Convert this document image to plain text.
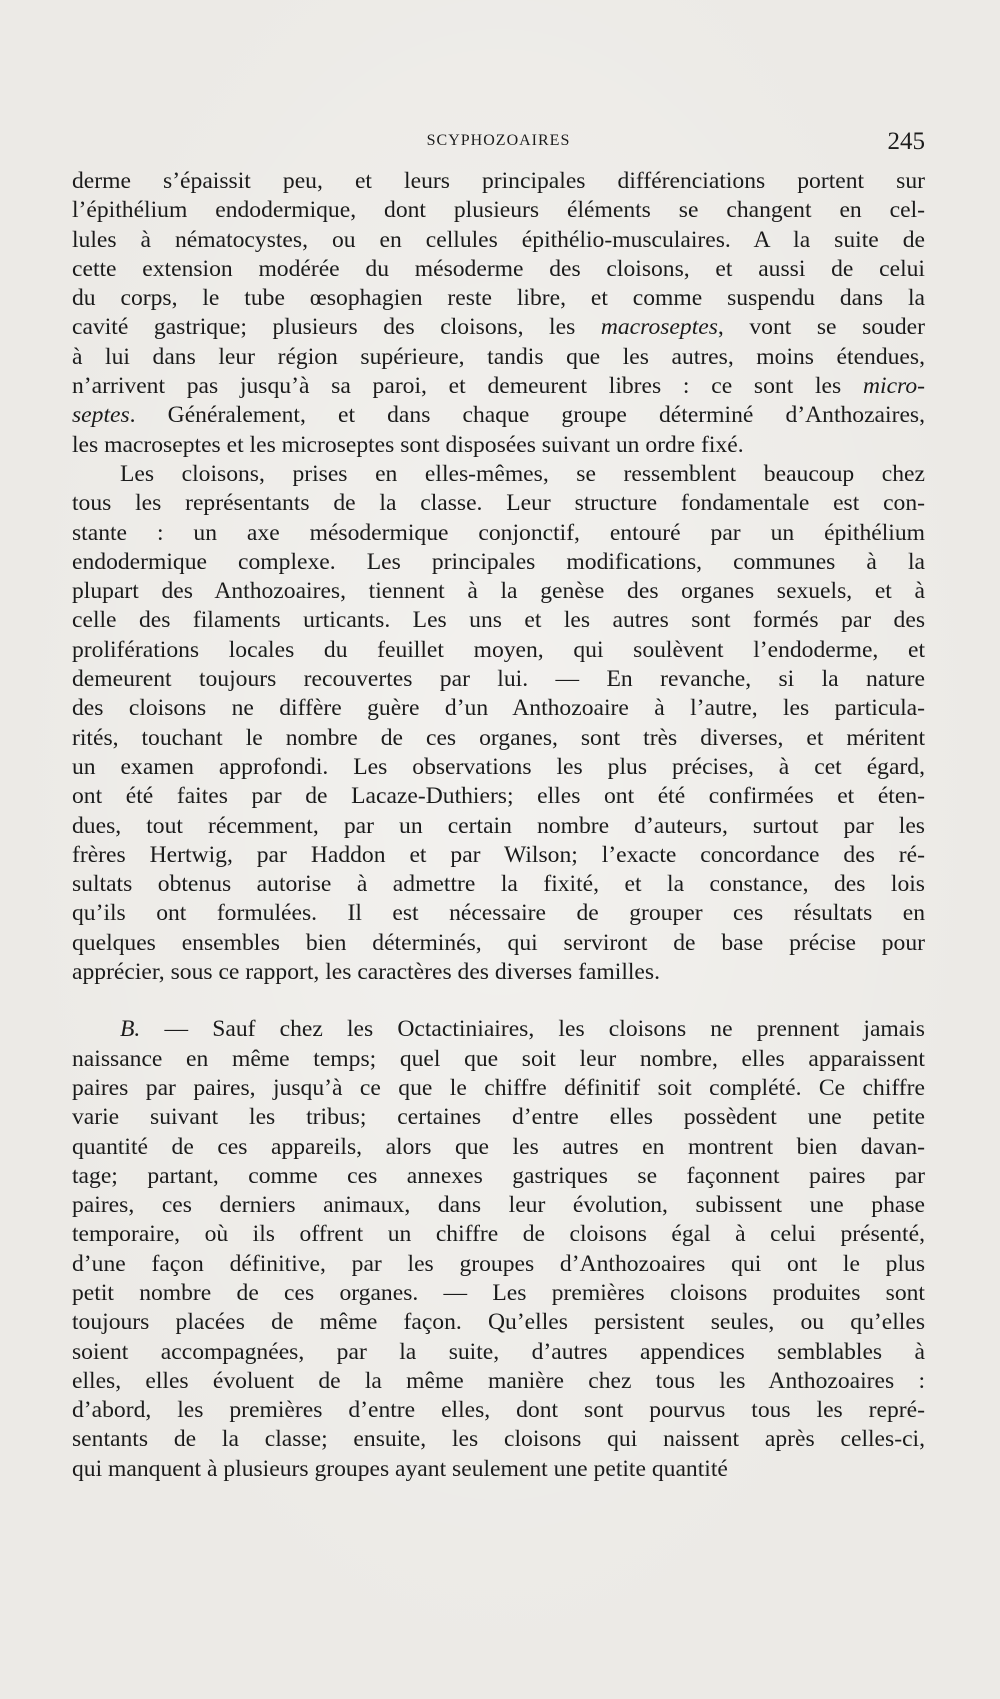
SCYPHOZOAIRES	245
derme s’épaissit peu, et leurs principales différenciations portent sur
l’épithélium endodermique, dont plusieurs éléments se changent en cel-
lules à nématocystes, ou en cellules épithélio-musculaires. A la suite de
cette extension modérée du mésoderme des cloisons, et aussi de celui
du corps, le tube œsophagien reste libre, et comme suspendu dans la
cavité gastrique; plusieurs des cloisons, les macroseptes, vont se souder
à lui dans leur région supérieure, tandis que les autres, moins étendues,
n’arrivent pas jusqu’à sa paroi, et demeurent libres : ce sont les micro-
septes. Généralement, et dans chaque groupe déterminé d’Anthozaires,
les macroseptes et les microseptes sont disposées suivant un ordre fixé.
Les cloisons, prises en elles-mêmes, se ressemblent beaucoup chez
tous les représentants de la classe. Leur structure fondamentale est con-
stante : un axe mésodermique conjonctif, entouré par un épithélium
endodermique complexe. Les principales modifications, communes à la
plupart des Anthozoaires, tiennent à la genèse des organes sexuels, et à
celle des filaments urticants. Les uns et les autres sont formés par des
proliférations locales du feuillet moyen, qui soulèvent l’endoderme, et
demeurent toujours recouvertes par lui. — En revanche, si la nature
des cloisons ne diffère guère d’un Anthozoaire à l’autre, les particula-
rités, touchant le nombre de ces organes, sont très diverses, et méritent
un examen approfondi. Les observations les plus précises, à cet égard,
ont été faites par de Lacaze-Duthiers; elles ont été confirmées et éten-
dues, tout récemment, par un certain nombre d’auteurs, surtout par les
frères Hertwig, par Haddon et par Wilson; l’exacte concordance des ré-
sultats obtenus autorise à admettre la fixité, et la constance, des lois
qu’ils ont formulées. Il est nécessaire de grouper ces résultats en
quelques ensembles bien déterminés, qui serviront de base précise pour
apprécier, sous ce rapport, les caractères des diverses familles.
B. — Sauf chez les Octactiniaires, les cloisons ne prennent jamais
naissance en même temps; quel que soit leur nombre, elles apparaissent
paires par paires, jusqu’à ce que le chiffre définitif soit complété. Ce chiffre
varie suivant les tribus; certaines d’entre elles possèdent une petite
quantité de ces appareils, alors que les autres en montrent bien davan-
tage; partant, comme ces annexes gastriques se façonnent paires par
paires, ces derniers animaux, dans leur évolution, subissent une phase
temporaire, où ils offrent un chiffre de cloisons égal à celui présenté,
d’une façon définitive, par les groupes d’Anthozoaires qui ont le plus
petit nombre de ces organes. — Les premières cloisons produites sont
toujours placées de même façon. Qu’elles persistent seules, ou qu’elles
soient accompagnées, par la suite, d’autres appendices semblables à
elles, elles évoluent de la même manière chez tous les Anthozoaires :
d’abord, les premières d’entre elles, dont sont pourvus tous les repré-
sentants de la classe; ensuite, les cloisons qui naissent après celles-ci,
qui manquent à plusieurs groupes ayant seulement une petite quantité
